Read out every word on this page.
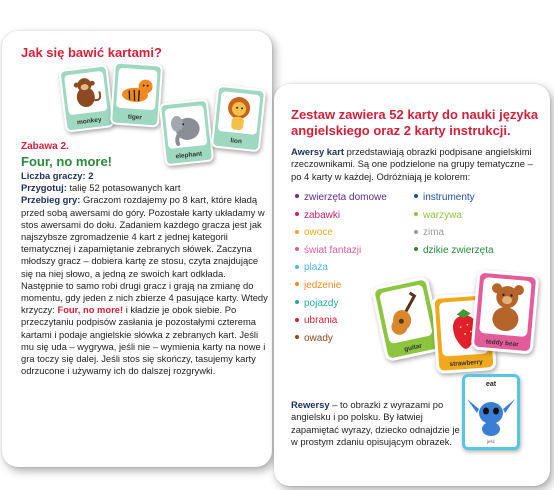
Jak się bawić kartami?
monkey	tiger
elephant
lion
Zabawa 2.
Four, no more!

Liczba graczy: 2

Przygotuj: talię 52 potasowanych kart

Przebieg gry: Graczom rozdajemy po 8 kart, które kładą przed sobą awersami do góry. Pozostałe karty układamy w stos awersami do dołu. Zadaniem każdego gracza jest jak najszybsze zgromadzenie 4 kart z jednej kategorii tematycznej i zapamiętanie zebranych słówek. Zaczyna młodszy gracz – dobiera kartę ze stosu, czyta znajdujące się na niej słowo, a jedną ze swoich kart odkłada. Następnie to samo robi drugi gracz i grają na zmianę do momentu, gdy jeden z nich zbierze 4 pasujące karty. Wtedy krzyczy: Four, no more! i kładzie je obok siebie. Po przeczytaniu podpisów zasłania je pozostałymi czterema kartami i podaje angielskie słówka z zebranych kart. Jeśli mu się uda – wygrywa, jeśli nie – wymienia karty na nowe i gra toczy się dalej. Jeśli stos się skończy, tasujemy karty odrzucone i używamy ich do dalszej rozgrywki.

Zestaw zawiera 52 karty do nauki języka angielskiego oraz 2 karty instrukcji.
Awersy kart przedstawiają obrazki podpisane angielskimi rzeczownikami. Są one podzielone na grupy tematyczne – po 4 karty w każdej. Odróżniają je kolorem:
zwierzęta domowe
zabawki
owoce
świat fantazji
plaża
jedzenie
pojazdy
ubrania
owady
instrumenty
warzywa
zima
dzikie zwierzęta
guitar
strawberry
teddy bear
Rewersy – to obrazki z wyrazami po angielsku i po polsku. By łatwiej zapamiętać wyrazy, dziecko odnajdzie je w prostym zdaniu opisującym obrazek.
eat
jeść
